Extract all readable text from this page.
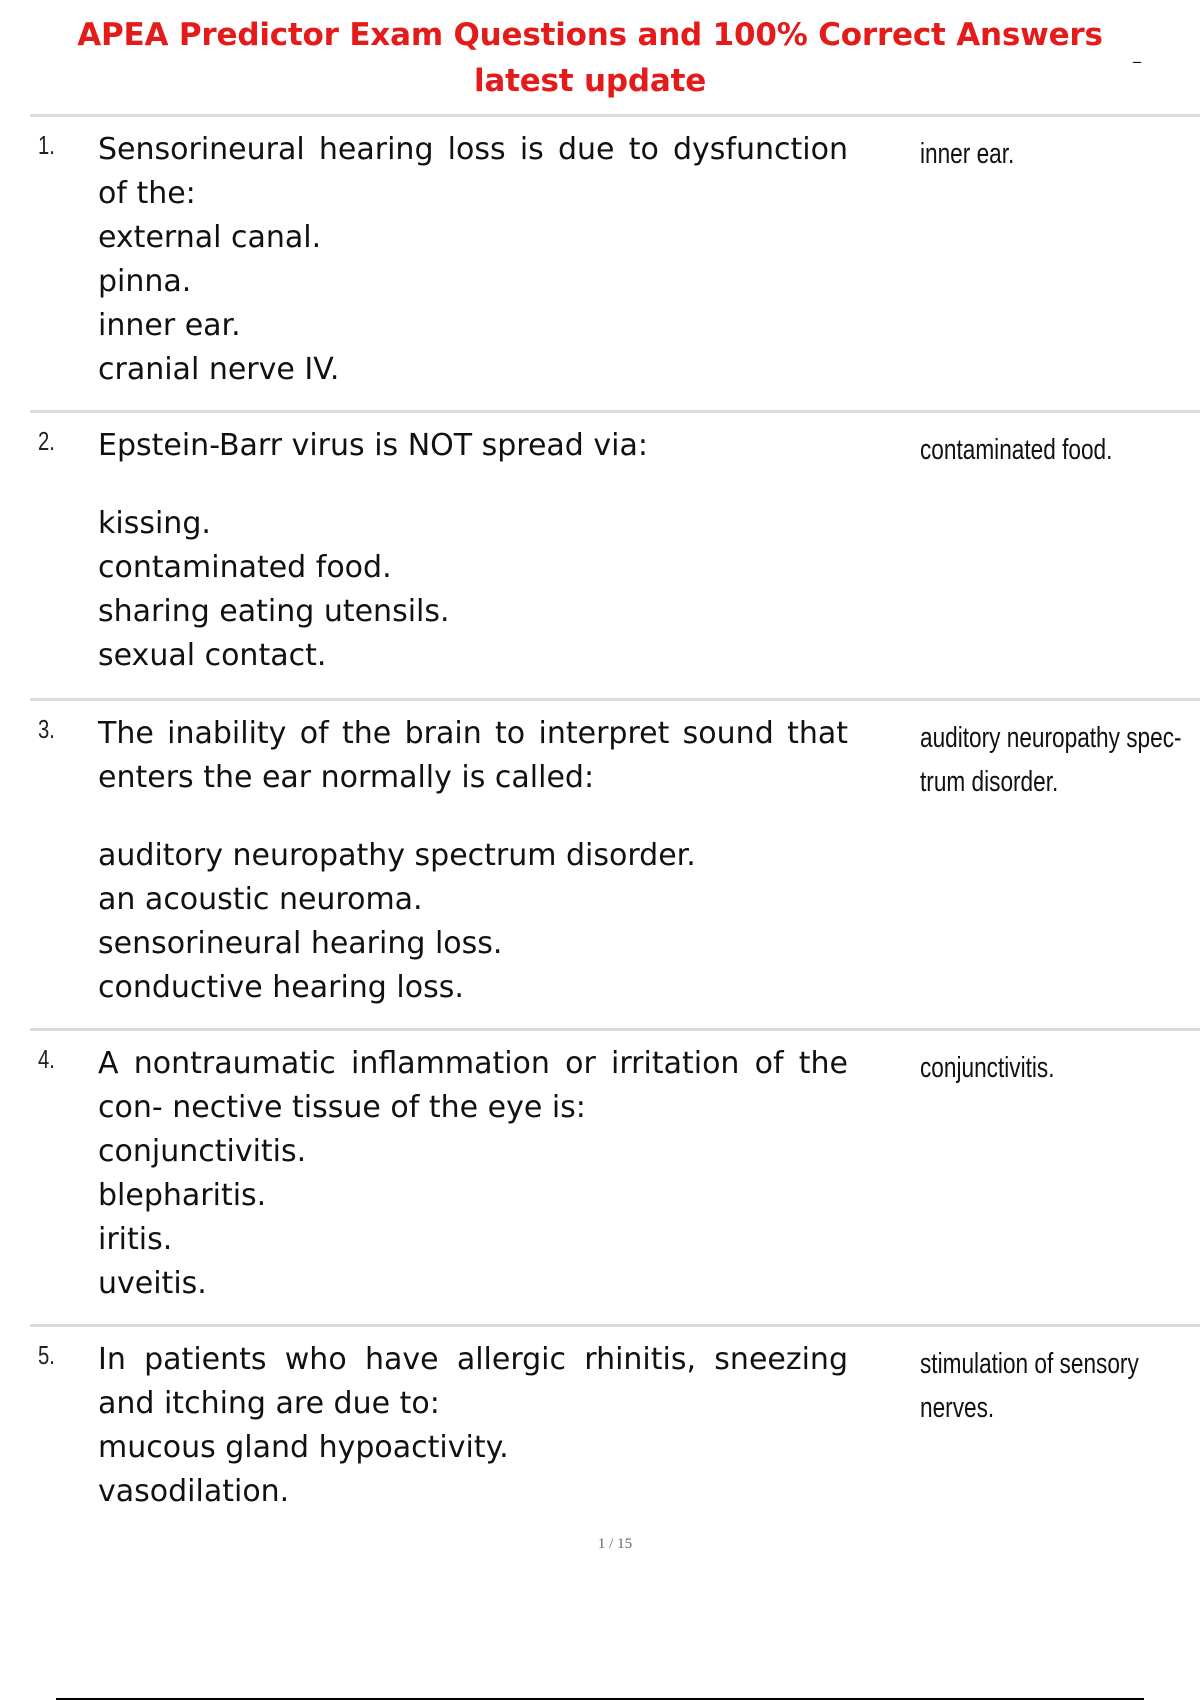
APEA Predictor Exam Questions and 100% Correct Answers
latest update
_
1. Sensorineural hearing loss is due to dysfunction of the:
external canal.
pinna.
inner ear.
cranial nerve IV.
inner ear.
2. Epstein-Barr virus is NOT spread via:
kissing.
contaminated food.
sharing eating utensils.
sexual contact.
contaminated food.
3. The inability of the brain to interpret sound that enters the ear normally is called:
auditory neuropathy spectrum disorder.
an acoustic neuroma.
sensorineural hearing loss.
conductive hearing loss.
auditory neuropathy spec- trum disorder.
4. A nontraumatic inflammation or irritation of the con- nective tissue of the eye is:
conjunctivitis.
blepharitis.
iritis.
uveitis.
conjunctivitis.
5. In patients who have allergic rhinitis, sneezing and itching are due to:
mucous gland hypoactivity.
vasodilation.
stimulation of sensory nerves.
1 / 15
